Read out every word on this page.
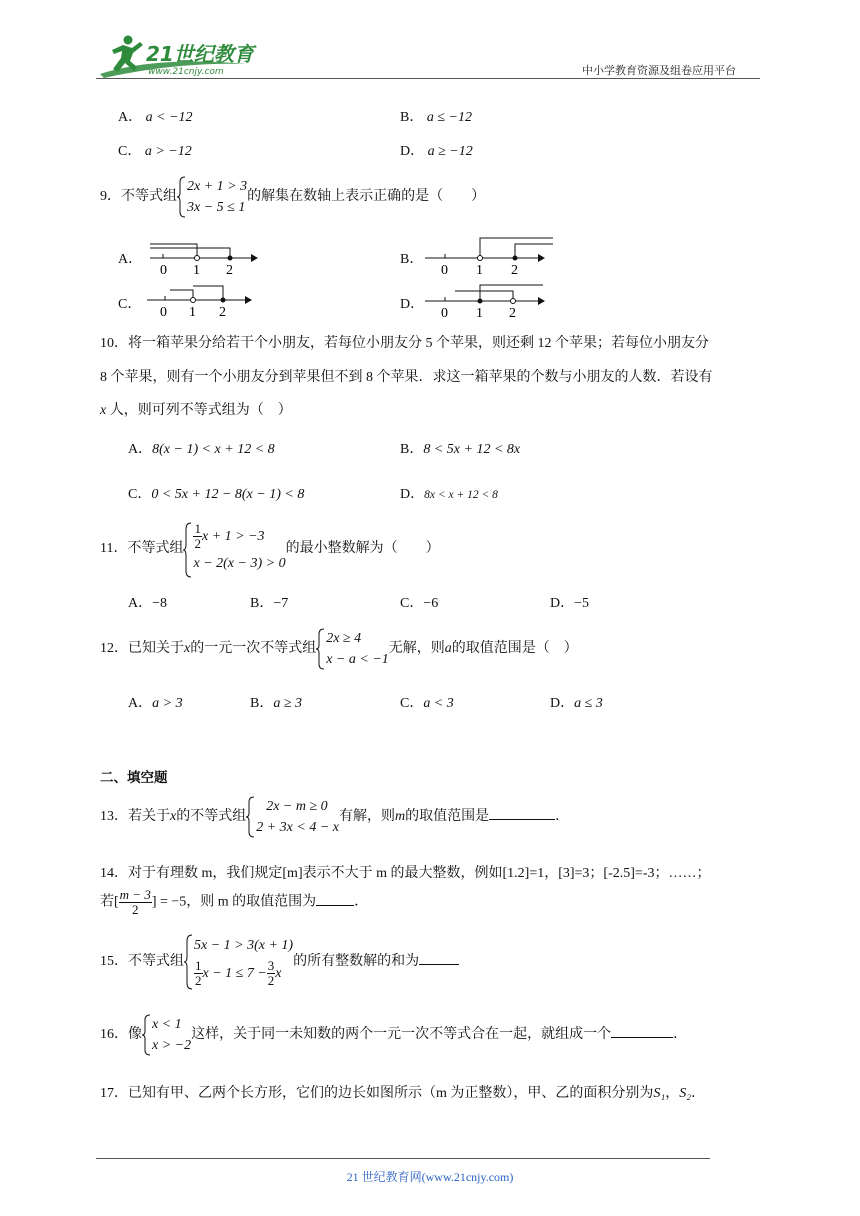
21世纪教育
www.21cnjy.com	中小学教育资源及组卷应用平台
A． a < −12	B． a ≤ −12
C． a > −12	D． a ≥ −12
9．不等式组
2x + 1 > 3
3x − 5 ≤ 1
的解集在数轴上表示正确的是（　　）
A．
0 1 2
B．
0 1 2
C．
0 1 2
D．
0 1 2
10．将一箱苹果分给若干个小朋友，若每位小朋友分 5 个苹果，则还剩 12 个苹果；若每位小朋友分
8 个苹果，则有一个小朋友分到苹果但不到 8 个苹果．求这一箱苹果的个数与小朋友的人数．若设有
x 人，则可列不等式组为（　）
A．8(x − 1) < x + 12 < 8	B．8 < 5x + 12 < 8x
C．0 < 5x + 12 − 8(x − 1) < 8	D．8x < x + 12 < 8
11．不等式组 $\frac{1}{2}$ x + 1 > −3
x − 2(x − 3) > 0
的最小整数解为（　　）
A．−8	B．−7	C．−6	D．−5
12．已知关于x的一元一次不等式组
2x ≥ 4
x − a < −1
无解，则a的取值范围是（　）
A．a > 3	B．a ≥ 3	C．a < 3	D．a ≤ 3
二、填空题
13．若关于x的不等式组
2x − m ≥ 0
2 + 3x < 4 − x
有解，则m的取值范围是	．
14．对于有理数 m，我们规定[m]表示不大于 m 的最大整数，例如[1.2]=1，[3]=3；[-2.5]=-3；……；
若[ $\frac{m - 3}{2}$ ] = −5，则 m 的取值范围为	．
15．不等式组
5x − 1 > 3(x + 1)
$\frac{1}{2}$ $x - 1 \le 7 - \frac{3}{2}$ x
的所有整数解的和为
16．像
x < 1
x > −2
这样，关于同一未知数的两个一元一次不等式合在一起，就组成一个	．
17．已知有甲、乙两个长方形，它们的边长如图所示（m 为正整数），甲、乙的面积分别为S₁，S₂．
21 世纪教育网(www.21cnjy.com)
